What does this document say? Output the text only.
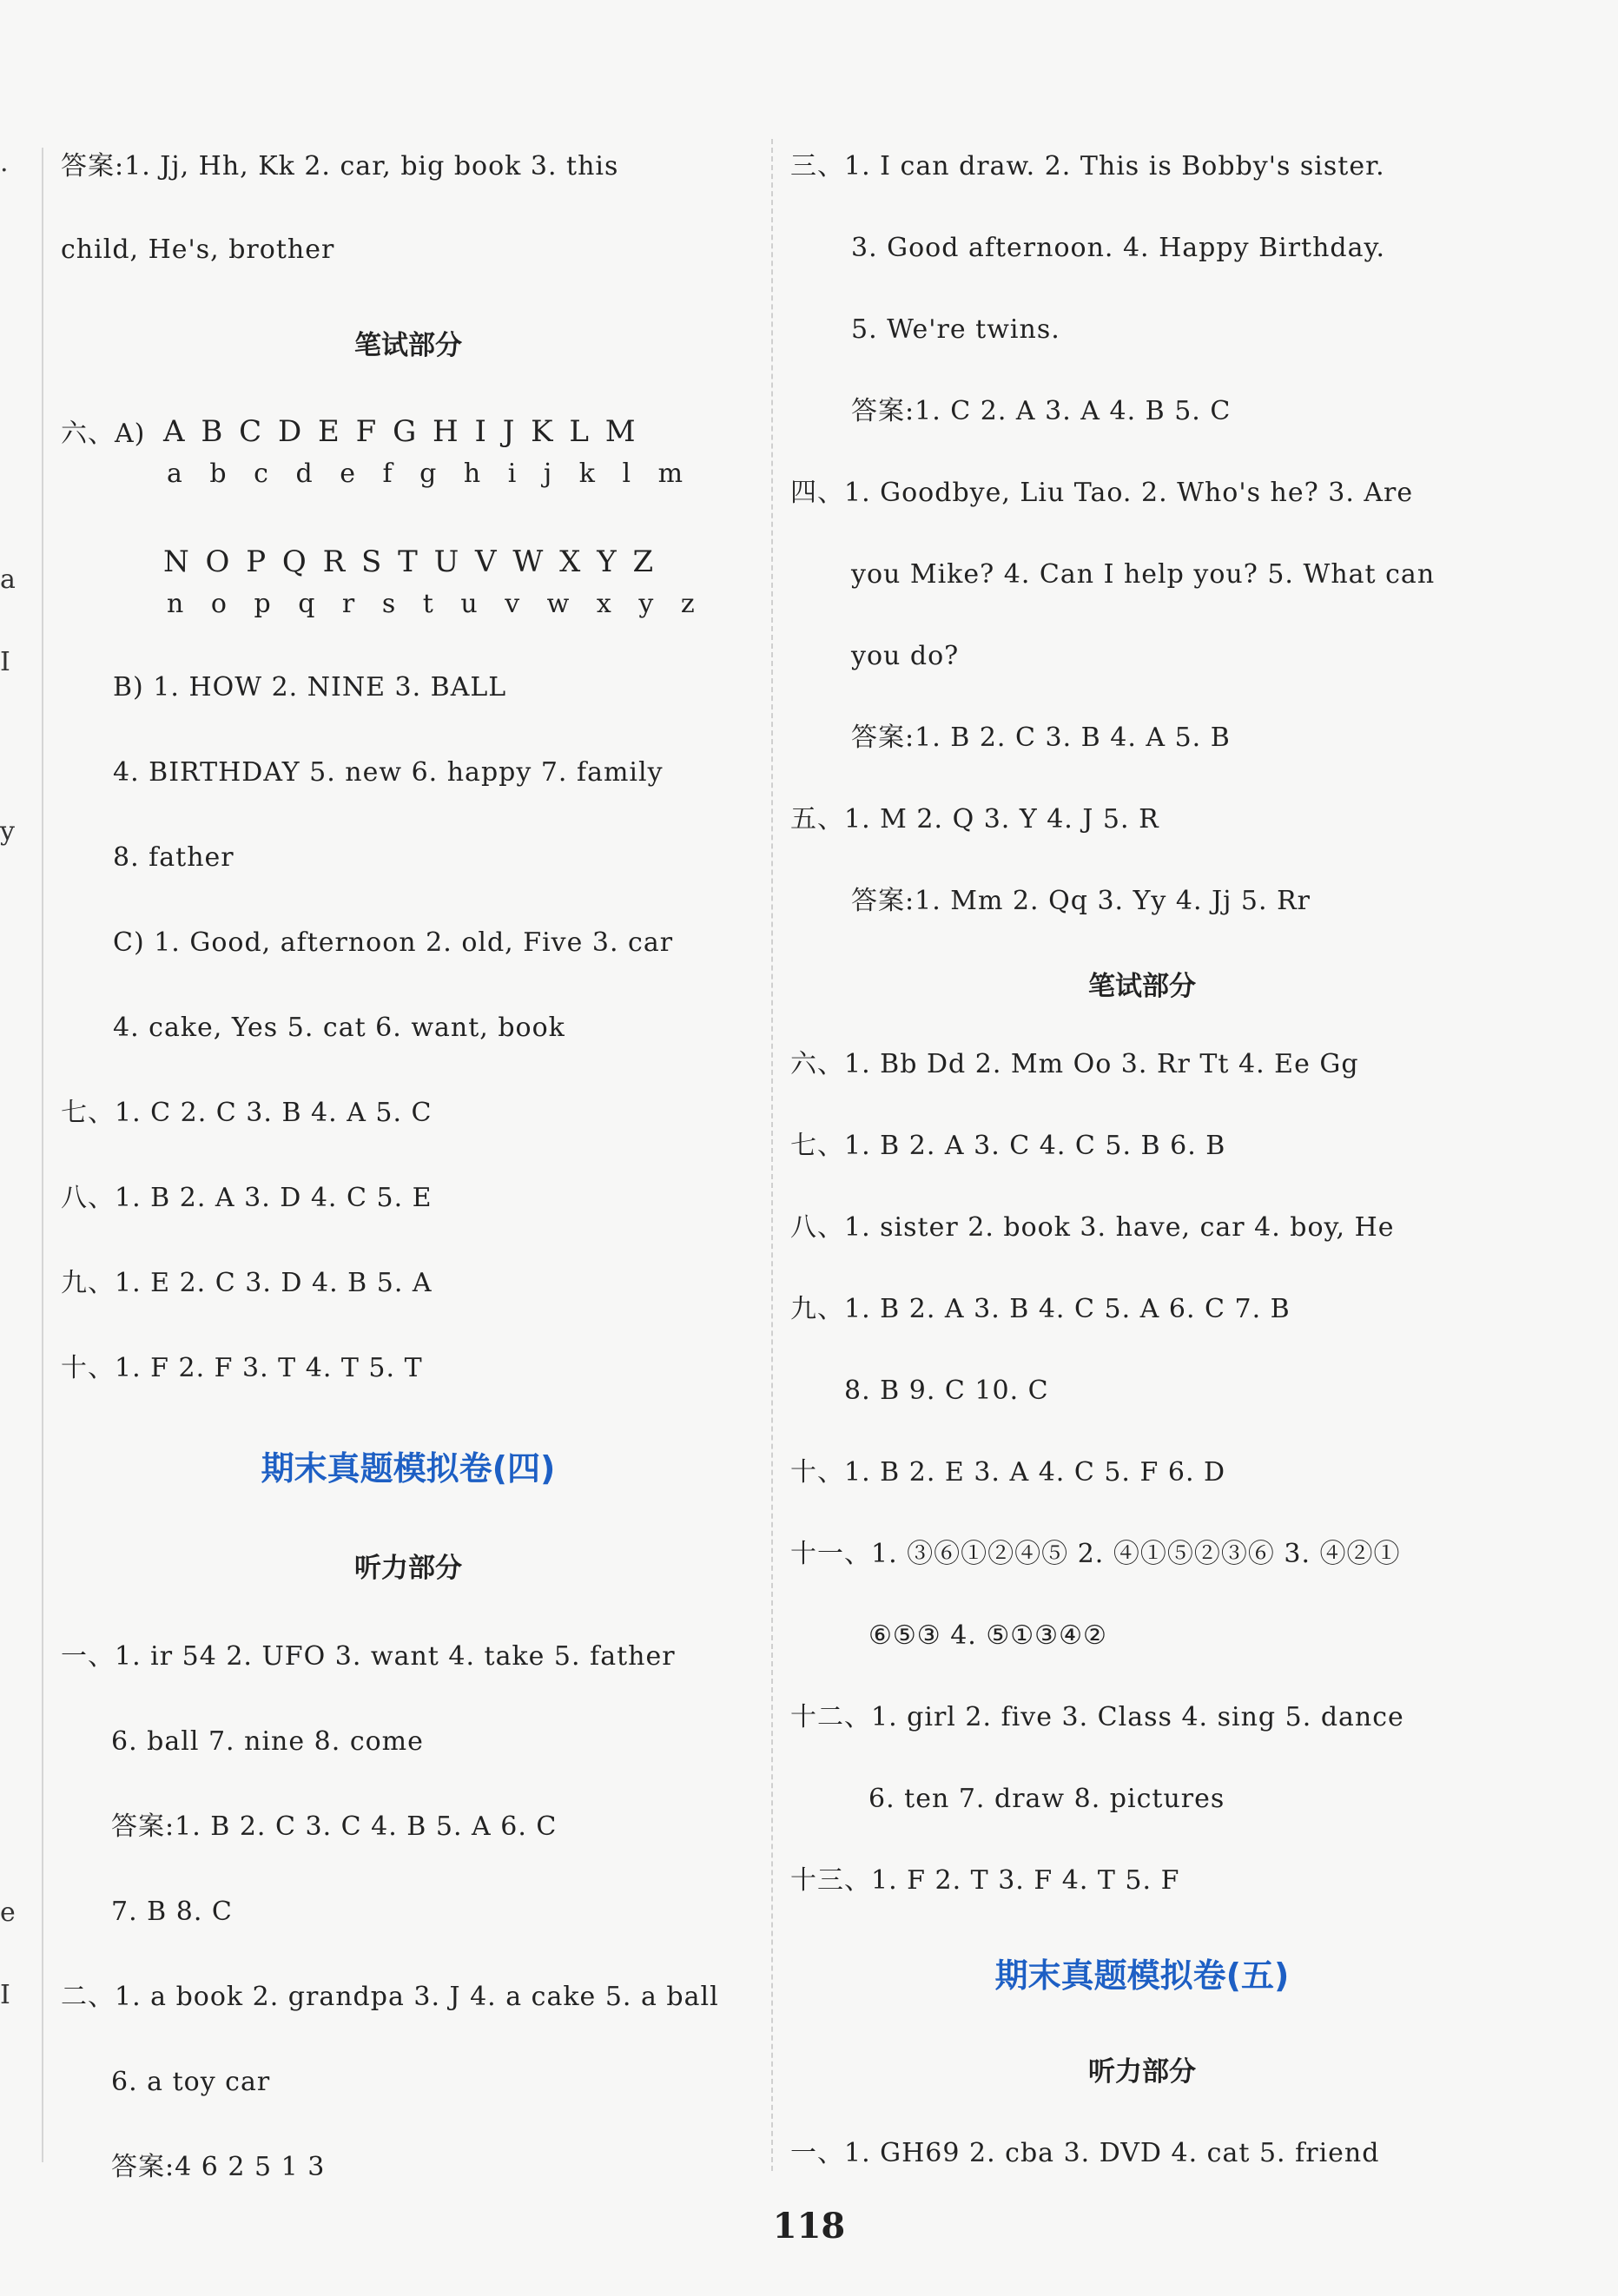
.
a
I
y
e
I
答案:1. Jj, Hh, Kk 2. car, big book 3. this
child, He's, brother
笔试部分
六、A) A B C D E F G H I J K L M
a b c d e f g h i j k l m
N O P Q R S T U V W X Y Z
n o p q r s t u v w x y z
B) 1. HOW 2. NINE 3. BALL
4. BIRTHDAY 5. new 6. happy 7. family
8. father
C) 1. Good, afternoon 2. old, Five 3. car
4. cake, Yes 5. cat 6. want, book
七、1. C 2. C 3. B 4. A 5. C
八、1. B 2. A 3. D 4. C 5. E
九、1. E 2. C 3. D 4. B 5. A
十、1. F 2. F 3. T 4. T 5. T
期末真题模拟卷(四)
听力部分
一、1. ir 54 2. UFO 3. want 4. take 5. father
6. ball 7. nine 8. come
答案:1. B 2. C 3. C 4. B 5. A 6. C
7. B 8. C
二、1. a book 2. grandpa 3. J 4. a cake 5. a ball
6. a toy car
答案:4 6 2 5 1 3
三、1. I can draw. 2. This is Bobby's sister.
3. Good afternoon. 4. Happy Birthday.
5. We're twins.
答案:1. C 2. A 3. A 4. B 5. C
四、1. Goodbye, Liu Tao. 2. Who's he? 3. Are
you Mike? 4. Can I help you? 5. What can
you do?
答案:1. B 2. C 3. B 4. A 5. B
五、1. M 2. Q 3. Y 4. J 5. R
答案:1. Mm 2. Qq 3. Yy 4. Jj 5. Rr
笔试部分
六、1. Bb Dd 2. Mm Oo 3. Rr Tt 4. Ee Gg
七、1. B 2. A 3. C 4. C 5. B 6. B
八、1. sister 2. book 3. have, car 4. boy, He
九、1. B 2. A 3. B 4. C 5. A 6. C 7. B
8. B 9. C 10. C
十、1. B 2. E 3. A 4. C 5. F 6. D
十一、1. ③⑥①②④⑤ 2. ④①⑤②③⑥ 3. ④②①
⑥⑤③ 4. ⑤①③④②
十二、1. girl 2. five 3. Class 4. sing 5. dance
6. ten 7. draw 8. pictures
十三、1. F 2. T 3. F 4. T 5. F
期末真题模拟卷(五)
听力部分
一、1. GH69 2. cba 3. DVD 4. cat 5. friend
118
